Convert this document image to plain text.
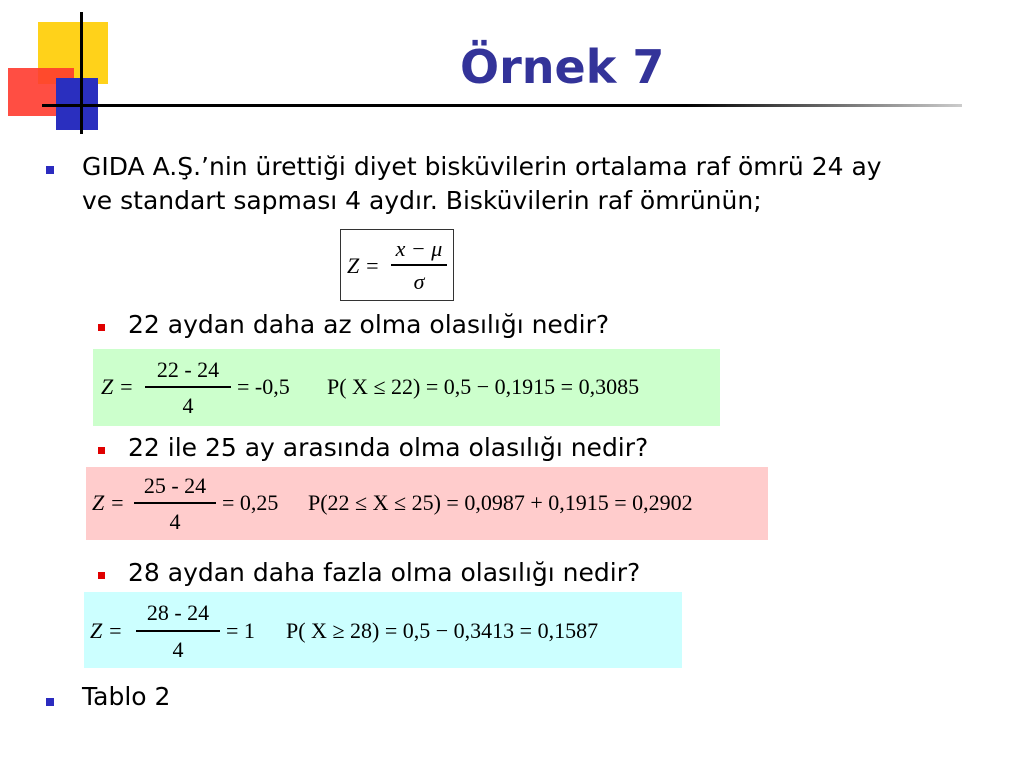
Örnek 7
GIDA A.Ş.’nin ürettiği diyet bisküvilerin ortalama raf ömrü 24 ay
ve standart sapması 4 aydır. Bisküvilerin raf ömrünün;
Z =
x − μ
σ
22 aydan daha az olma olasılığı nedir?
Z =
22 - 24
4
= -0,5 P( X ≤ 22) = 0,5 − 0,1915 = 0,3085
22 ile 25 ay arasında olma olasılığı nedir?
Z =
25 - 24
4
= 0,25 P(22 ≤ X ≤ 25) = 0,0987 + 0,1915 = 0,2902
28 aydan daha fazla olma olasılığı nedir?
Z =
28 - 24
4
= 1 P( X ≥ 28) = 0,5 − 0,3413 = 0,1587
Tablo 2
